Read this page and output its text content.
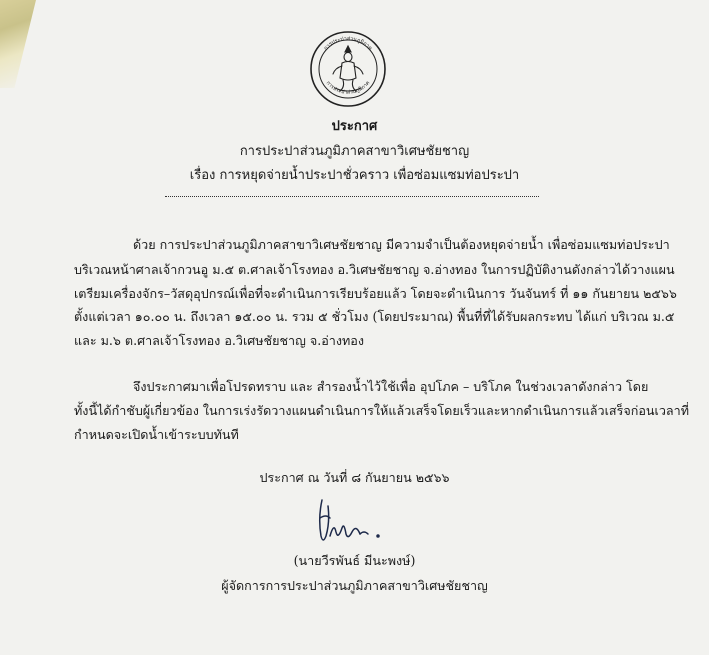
การประปาส่วนภูมิภาค
การประปาส่วนภูมิภาค
ประกาศ
การประปาส่วนภูมิภาคสาขาวิเศษชัยชาญ
เรื่อง การหยุดจ่ายน้ำประปาชั่วคราว เพื่อซ่อมแซมท่อประปา
ด้วย การประปาส่วนภูมิภาคสาขาวิเศษชัยชาญ มีความจำเป็นต้องหยุดจ่ายน้ำ เพื่อซ่อมแซมท่อประปา
บริเวณหน้าศาลเจ้ากวนอู ม.๕ ต.ศาลเจ้าโรงทอง อ.วิเศษชัยชาญ จ.อ่างทอง ในการปฏิบัติงานดังกล่าวได้วางแผน
เตรียมเครื่องจักร–วัสดุอุปกรณ์เพื่อที่จะดำเนินการเรียบร้อยแล้ว โดยจะดำเนินการ วันจันทร์ ที่ ๑๑ กันยายน ๒๕๖๖
ตั้งแต่เวลา ๑๐.๐๐ น. ถึงเวลา ๑๕.๐๐ น. รวม ๕ ชั่วโมง (โดยประมาณ) พื้นที่ที่ได้รับผลกระทบ ได้แก่ บริเวณ ม.๕
และ ม.๖ ต.ศาลเจ้าโรงทอง อ.วิเศษชัยชาญ จ.อ่างทอง
จึงประกาศมาเพื่อโปรดทราบ และ สำรองน้ำไว้ใช้เพื่อ อุปโภค – บริโภค ในช่วงเวลาดังกล่าว โดย
ทั้งนี้ได้กำชับผู้เกี่ยวข้อง ในการเร่งรัดวางแผนดำเนินการให้แล้วเสร็จโดยเร็วและหากดำเนินการแล้วเสร็จก่อนเวลาที่
กำหนดจะเปิดน้ำเข้าระบบทันที
ประกาศ ณ วันที่ ๘ กันยายน ๒๕๖๖
(นายวีรพันธ์ มีนะพงษ์)
ผู้จัดการการประปาส่วนภูมิภาคสาขาวิเศษชัยชาญ
